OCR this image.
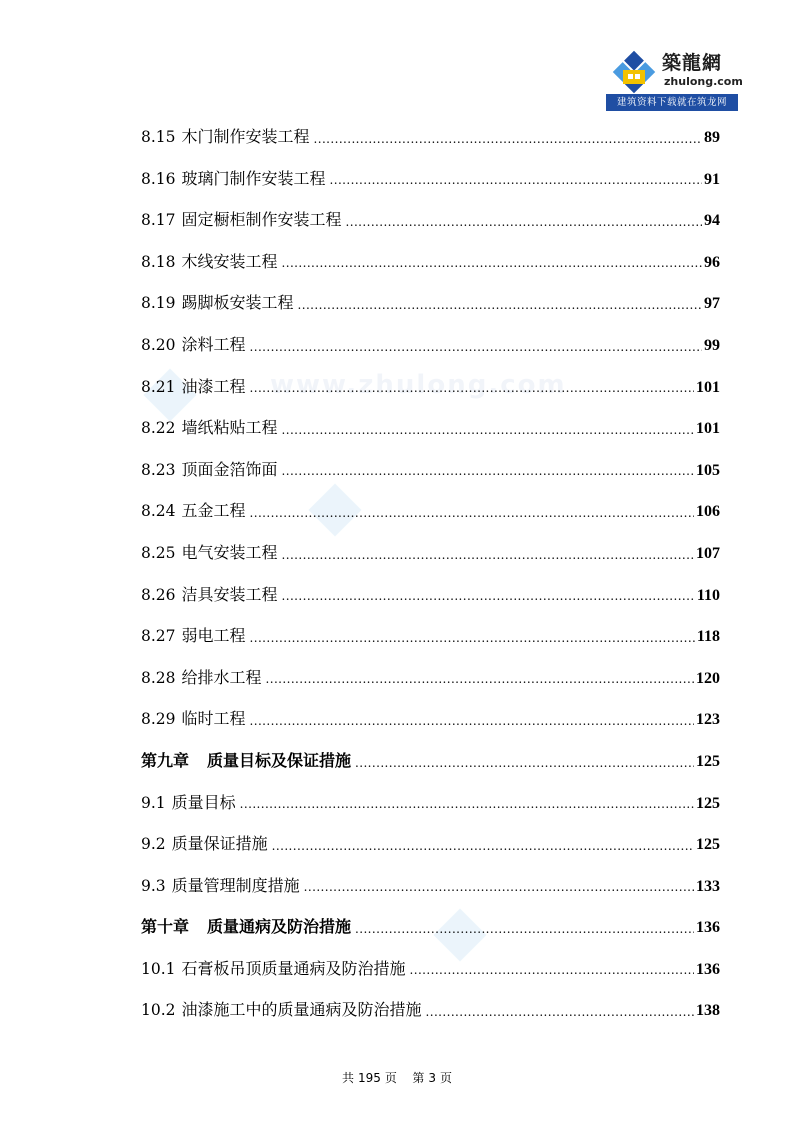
築龍網
zhulong.com
建筑资料下载就在筑龙网
www.zhulong.com
8.15 木门制作安装工程 .....	89
8.16 玻璃门制作安装工程 .....	91
8.17 固定橱柜制作安装工程 .....	94
8.18 木线安装工程 .....	96
8.19 踢脚板安装工程 .....	97
8.20 涂料工程 .....	99
8.21 油漆工程 .....	101
8.22 墙纸粘贴工程 .....	101
8.23 顶面金箔饰面 .....	105
8.24 五金工程 .....	106
8.25 电气安装工程 .....	107
8.26 洁具安装工程 .....	110
8.27 弱电工程 .....	118
8.28 给排水工程 .....	120
8.29 临时工程 .....	123
第九章 质量目标及保证措施 .....	125
9.1 质量目标 .....	125
9.2 质量保证措施 .....	125
9.3 质量管理制度措施 .....	133
第十章 质量通病及防治措施 .....	136
10.1 石膏板吊顶质量通病及防治措施 .....	136
10.2 油漆施工中的质量通病及防治措施 .....	138
共 195 页 第 3 页
